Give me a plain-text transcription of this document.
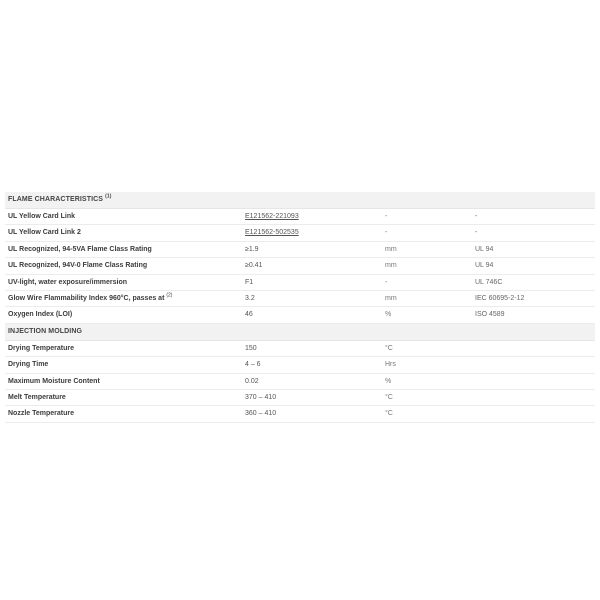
FLAME CHARACTERISTICS $^{(1)}$
UL Yellow Card Link	E121562-221093	-	-
UL Yellow Card Link 2	E121562-502535	-	-
UL Recognized, 94-5VA Flame Class Rating	≥1.9	mm	UL 94
UL Recognized, 94V-0 Flame Class Rating	≥0.41	mm	UL 94
UV-light, water exposure/immersion	F1	-	UL 746C
Glow Wire Flammability Index 960°C, passes at $^{(2)}$	3.2	mm	IEC 60695-2-12
Oxygen Index (LOI)	46	%	ISO 4589
INJECTION MOLDING
Drying Temperature	150	°C
Drying Time	4 – 6	Hrs
Maximum Moisture Content	0.02	%
Melt Temperature	370 – 410	°C
Nozzle Temperature	360 – 410	°C
